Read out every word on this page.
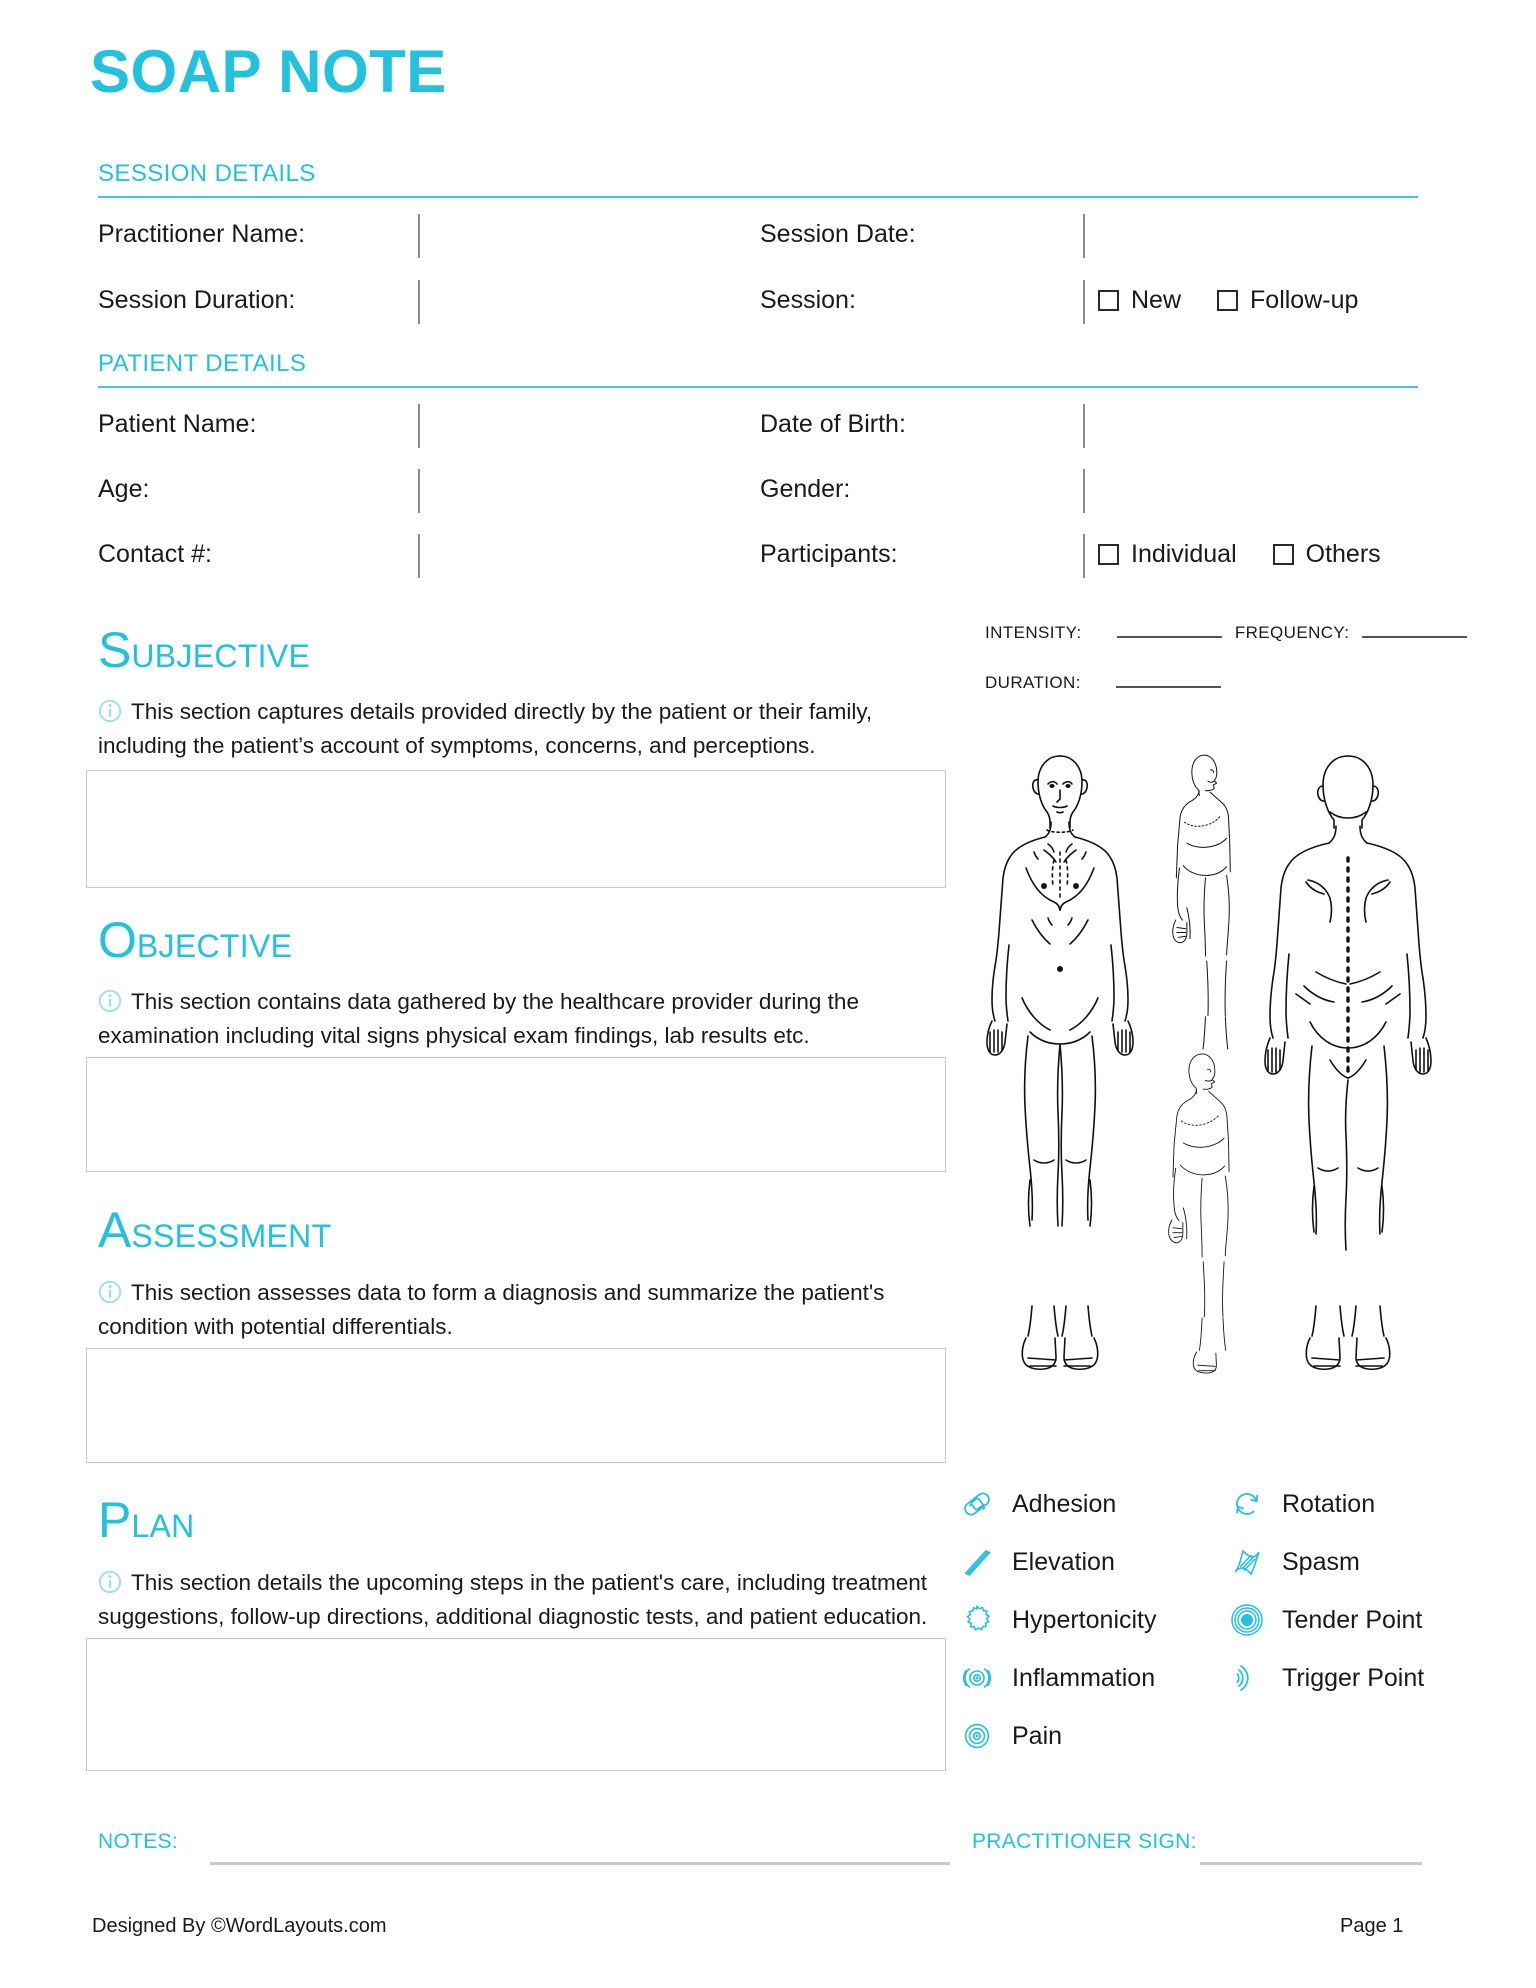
SOAP NOTE
SESSION DETAILS
Practitioner Name:	Session Date:
Session Duration:	Session:	New	Follow-up
PATIENT DETAILS
Patient Name:	Date of Birth:
Age:	Gender:
Contact #:	Participants:	Individual	Others
INTENSITY:	FREQUENCY:
DURATION:
SUBJECTIVE
This section captures details provided directly by the patient or their family, including the patient’s account of symptoms, concerns, and perceptions.
OBJECTIVE
This section contains data gathered by the healthcare provider during the examination including vital signs physical exam findings, lab results etc.
ASSESSMENT
This section assesses data to form a diagnosis and summarize the patient's condition with potential differentials.
PLAN
This section details the upcoming steps in the patient's care, including treatment suggestions, follow-up directions, additional diagnostic tests, and patient education.
Adhesion
Elevation
Hypertonicity
Inflammation
Pain
Rotation
Spasm
Tender Point
Trigger Point
NOTES:	PRACTITIONER SIGN:
Designed By ©WordLayouts.com	Page 1
